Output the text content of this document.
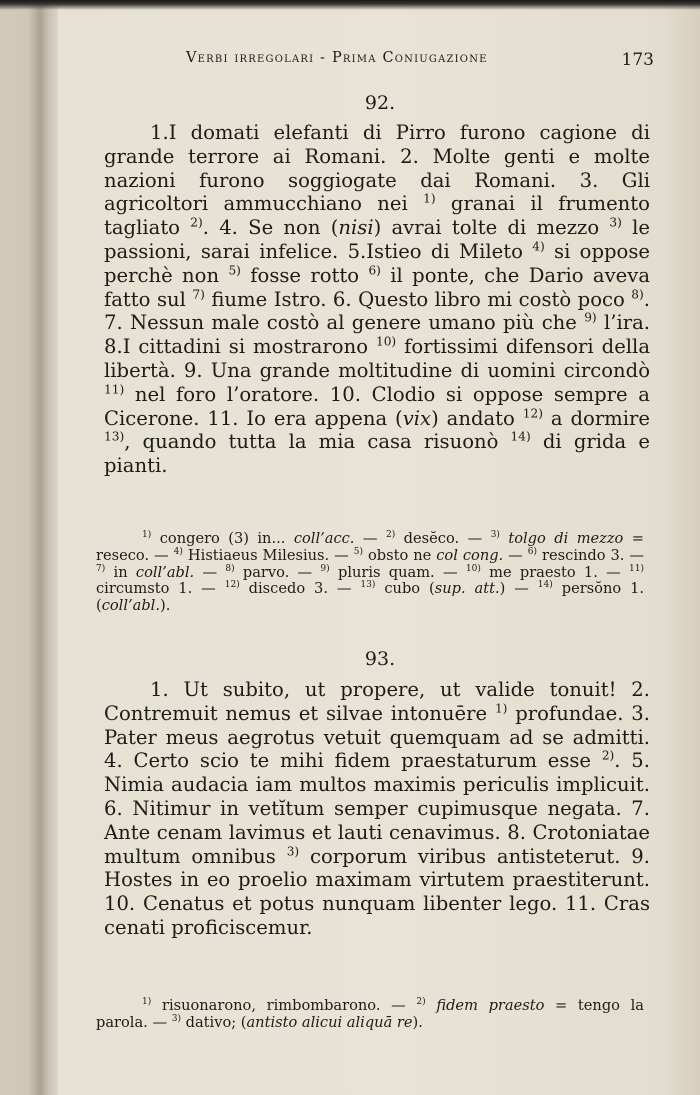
Verbi irregolari - Prima Coniugazione	173
92.

1.I domati elefanti di Pirro furono cagione di grande terrore ai Romani. 2. Molte genti e molte nazioni furono soggiogate dai Romani. 3. Gli agricoltori ammucchiano nei $^{1)}$ granai il frumento tagliato $^{2)}$. 4. Se non (nisi) avrai tolte di mezzo $^{3)}$ le passioni, sarai infelice. 5.Istieo di Mileto $^{4)}$ si oppose perchè non $^{5)}$ fosse rotto $^{6)}$ il ponte, che Dario aveva fatto sul $^{7)}$ fiume Istro. 6. Questo libro mi costò poco $^{8)}$. 7. Nessun male costò al genere umano più che $^{9)}$ l’ira. 8.I cittadini si mostrarono $^{10)}$ fortissimi difensori della libertà. 9. Una grande moltitudine di uomini circondò $^{11)}$ nel foro l’oratore. 10. Clodio si oppose sempre a Cicerone. 11. Io era appena (vix) andato $^{12)}$ a dormire $^{13)}$, quando tutta la mia casa risuonò $^{14)}$ di grida e pianti.

$^{1)}$ congero (3) in... coll’acc. — $^{2)}$ desĕco. — $^{3)}$ tolgo di mezzo = reseco. — $^{4)}$ Histiaeus Milesius. — $^{5)}$ obsto ne col cong. — $^{6)}$ rescindo 3. — $^{7)}$ in coll’abl. — $^{8)}$ parvo. — $^{9)}$ pluris quam. — $^{10)}$ me praesto 1. — $^{11)}$ circumsto 1. — $^{12)}$ discedo 3. — $^{13)}$ cubo (sup. att.) — $^{14)}$ persŏno 1. (coll’abl.).

93.

1. Ut subito, ut propere, ut valide tonuit! 2. Contremuit nemus et silvae intonuēre $^{1)}$ profundae. 3. Pater meus aegrotus vetuit quemquam ad se admitti. 4. Certo scio te mihi fidem praestaturum esse $^{2)}$. 5. Nimia audacia iam multos maximis periculis implicuit. 6. Nitimur in vetĭtum semper cupimusque negata. 7. Ante cenam lavimus et lauti cenavimus. 8. Crotoniatae multum omnibus $^{3)}$ corporum viribus antisteterut. 9. Hostes in eo proelio maximam virtutem praestiterunt. 10. Cenatus et potus nunquam libenter lego. 11. Cras cenati proficiscemur.

$^{1)}$ risuonarono, rimbombarono. — $^{2)}$ fidem praesto = tengo la parola. — $^{3)}$ dativo; (antisto alicui aliquā re).
